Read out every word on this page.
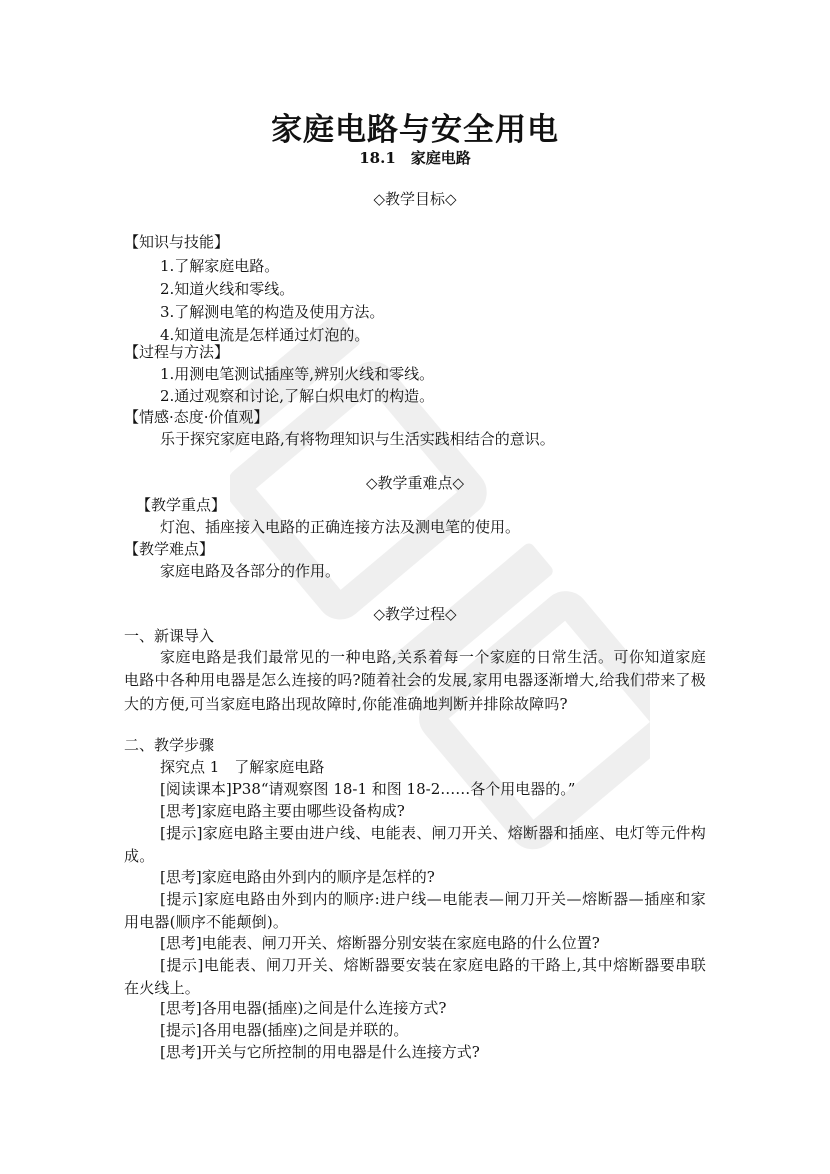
家庭电路与安全用电
18.1　家庭电路
◇教学目标◇
【知识与技能】
1.了解家庭电路。
2.知道火线和零线。
3.了解测电笔的构造及使用方法。
4.知道电流是怎样通过灯泡的。
【过程与方法】
1.用测电笔测试插座等,辨别火线和零线。
2.通过观察和讨论,了解白炽电灯的构造。
【情感·态度·价值观】
乐于探究家庭电路,有将物理知识与生活实践相结合的意识。
◇教学重难点◇
【教学重点】
灯泡、插座接入电路的正确连接方法及测电笔的使用。
【教学难点】
家庭电路及各部分的作用。
◇教学过程◇
一、新课导入
家庭电路是我们最常见的一种电路,关系着每一个家庭的日常生活。可你知道家庭电路中各种用电器是怎么连接的吗?随着社会的发展,家用电器逐渐增大,给我们带来了极大的方便,可当家庭电路出现故障时,你能准确地判断并排除故障吗?
二、教学步骤
探究点 1　了解家庭电路
[阅读课本]P38“请观察图 18-1 和图 18-2……各个用电器的。”
[思考]家庭电路主要由哪些设备构成?
[提示]家庭电路主要由进户线、电能表、闸刀开关、熔断器和插座、电灯等元件构成。
[思考]家庭电路由外到内的顺序是怎样的?
[提示]家庭电路由外到内的顺序:进户线—电能表—闸刀开关—熔断器—插座和家用电器(顺序不能颠倒)。
[思考]电能表、闸刀开关、熔断器分别安装在家庭电路的什么位置?
[提示]电能表、闸刀开关、熔断器要安装在家庭电路的干路上,其中熔断器要串联在火线上。
[思考]各用电器(插座)之间是什么连接方式?
[提示]各用电器(插座)之间是并联的。
[思考]开关与它所控制的用电器是什么连接方式?
